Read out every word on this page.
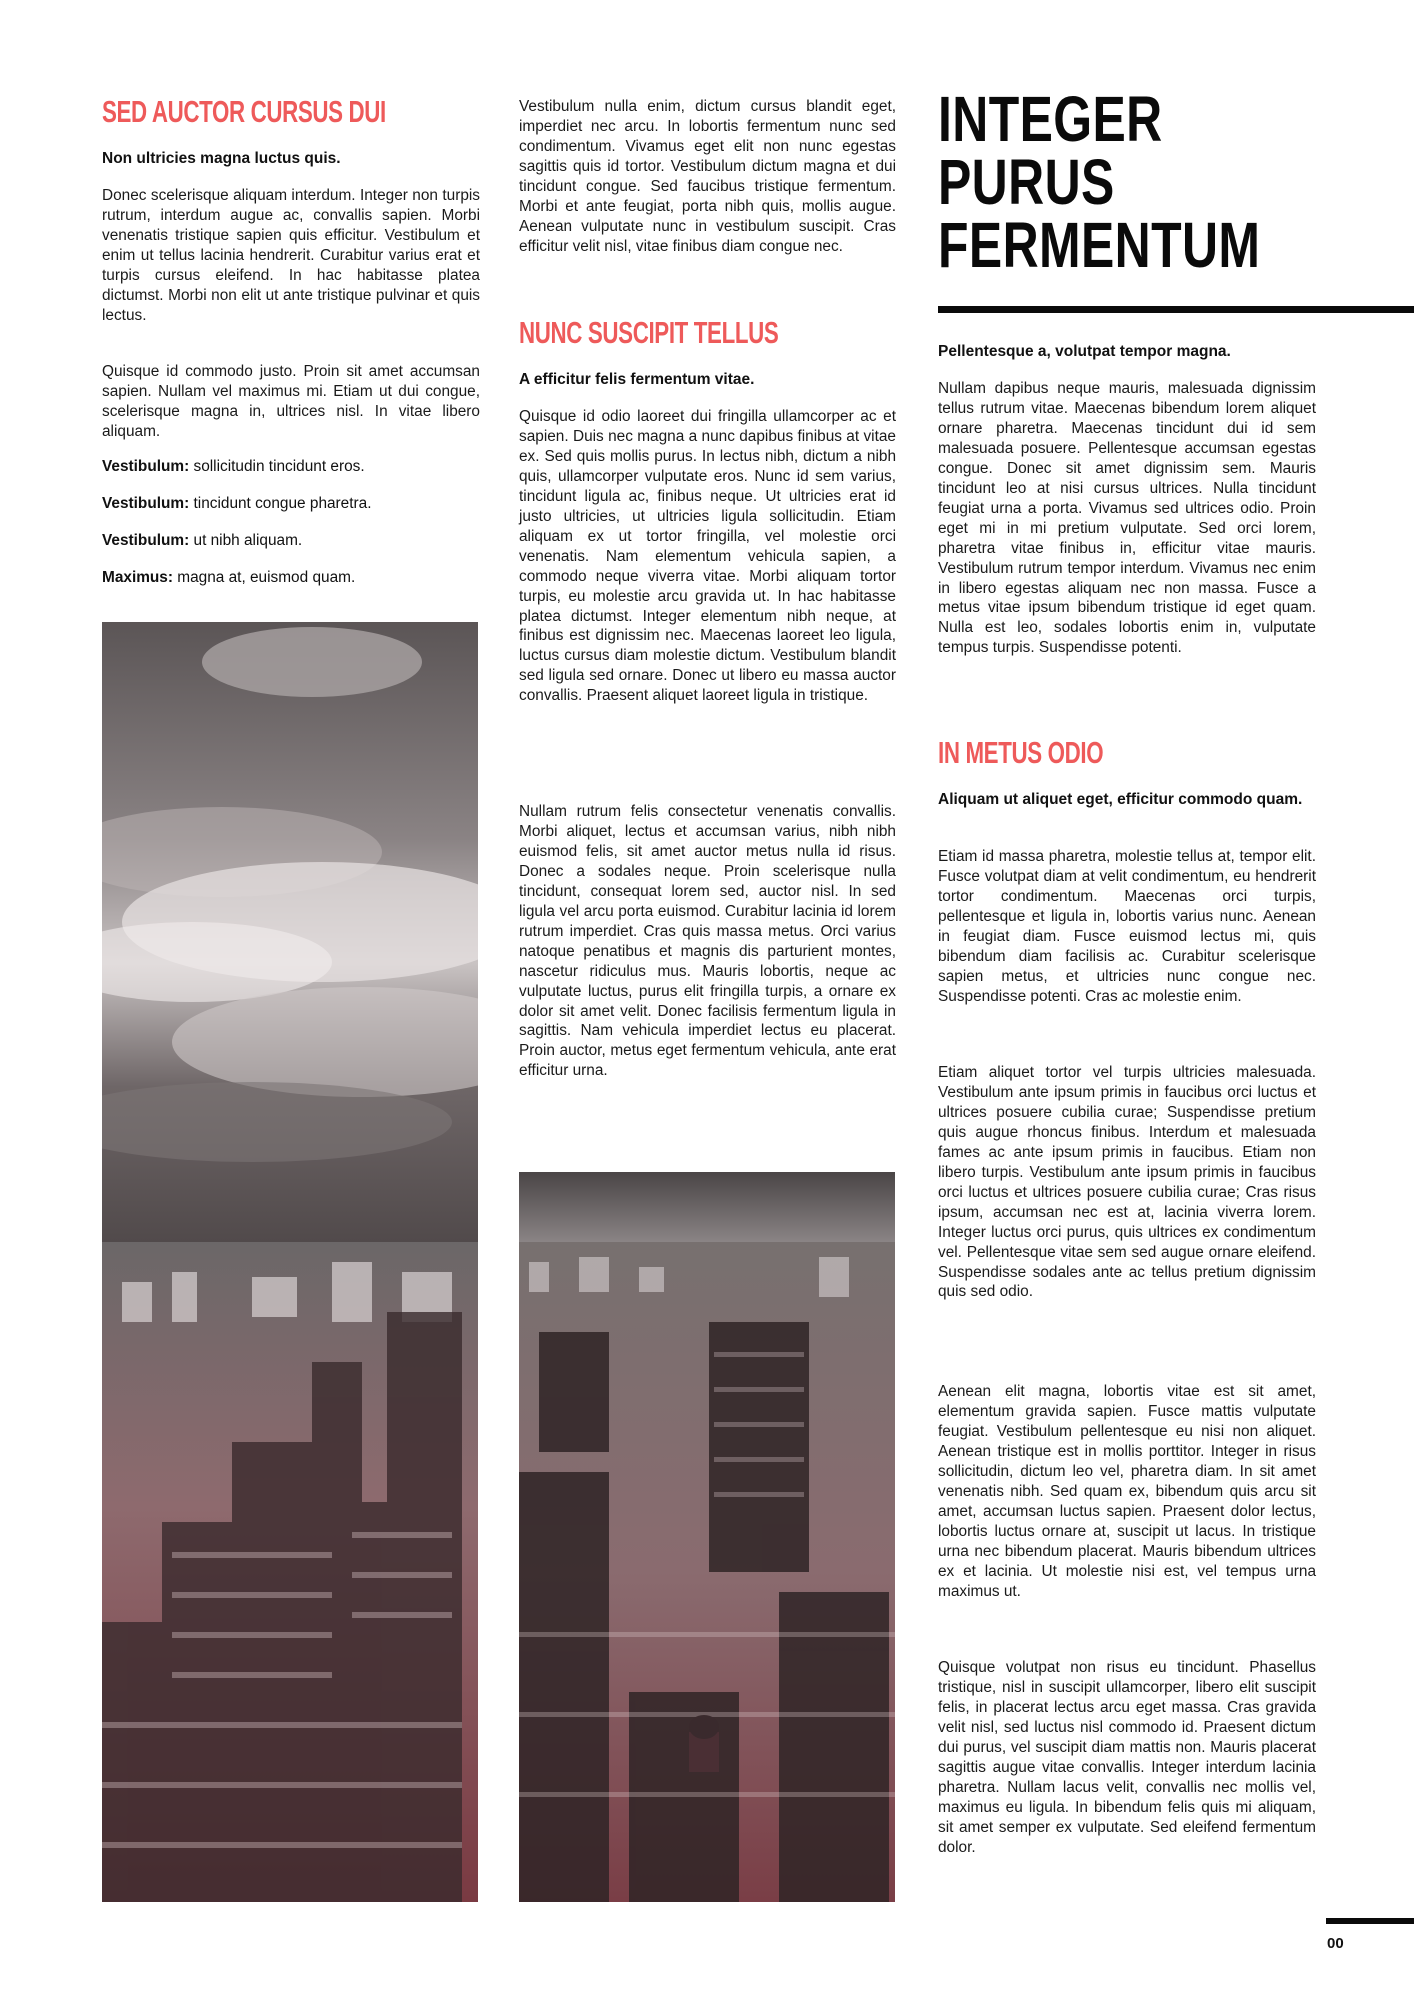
SED AUCTOR CURSUS DUI

Non ultricies magna luctus quis.

Donec scelerisque aliquam interdum. Integer non turpis rutrum, interdum augue ac, convallis sapien. Morbi venenatis tristique sapien quis efficitur. Vestibulum et enim ut tellus lacinia hendrerit. Curabitur varius erat et turpis cursus eleifend. In hac habitasse platea dictumst. Morbi non elit ut ante tristique pulvinar et quis lectus.

Quisque id commodo justo. Proin sit amet accumsan sapien. Nullam vel maximus mi. Etiam ut dui congue, scelerisque magna in, ultrices nisl. In vitae libero aliquam.

Vestibulum: sollicitudin tincidunt eros.

Vestibulum: tincidunt congue pharetra.

Vestibulum: ut nibh aliquam.

Maximus: magna at, euismod quam.

Vestibulum nulla enim, dictum cursus blandit eget, imperdiet nec arcu. In lobortis fermentum nunc sed condimentum. Vivamus eget elit non nunc egestas sagittis quis id tortor. Vestibulum dictum magna et dui tincidunt congue. Sed faucibus tristique fermentum. Morbi et ante feugiat, porta nibh quis, mollis augue. Aenean vulputate nunc in vestibulum suscipit. Cras efficitur velit nisl, vitae finibus diam congue nec.

NUNC SUSCIPIT TELLUS

A efficitur felis fermentum vitae.

Quisque id odio laoreet dui fringilla ullamcorper ac et sapien. Duis nec magna a nunc dapibus finibus at vitae ex. Sed quis mollis purus. In lectus nibh, dictum a nibh quis, ullamcorper vulputate eros. Nunc id sem varius, tincidunt ligula ac, finibus neque. Ut ultricies erat id justo ultricies, ut ultricies ligula sollicitudin. Etiam aliquam ex ut tortor fringilla, vel molestie orci venenatis. Nam elementum vehicula sapien, a commodo neque viverra vitae. Morbi aliquam tortor turpis, eu molestie arcu gravida ut. In hac habitasse platea dictumst. Integer elementum nibh neque, at finibus est dignissim nec. Maecenas laoreet leo ligula, luctus cursus diam molestie dictum. Vestibulum blandit sed ligula sed ornare. Donec ut libero eu massa auctor convallis. Praesent aliquet laoreet ligula in tristique.

Nullam rutrum felis consectetur venenatis convallis. Morbi aliquet, lectus et accumsan varius, nibh nibh euismod felis, sit amet auctor metus nulla id risus. Donec a sodales neque. Proin scelerisque nulla tincidunt, consequat lorem sed, auctor nisl. In sed ligula vel arcu porta euismod. Curabitur lacinia id lorem rutrum imperdiet. Cras quis massa metus. Orci varius natoque penatibus et magnis dis parturient montes, nascetur ridiculus mus. Mauris lobortis, neque ac vulputate luctus, purus elit fringilla turpis, a ornare ex dolor sit amet velit. Donec facilisis fermentum ligula in sagittis. Nam vehicula imperdiet lectus eu placerat. Proin auctor, metus eget fermentum vehicula, ante erat efficitur urna.

INTEGER
PURUS
FERMENTUM

Pellentesque a, volutpat tempor magna.

Nullam dapibus neque mauris, malesuada dignissim tellus rutrum vitae. Maecenas bibendum lorem aliquet ornare pharetra. Maecenas tincidunt dui id sem malesuada posuere. Pellentesque accumsan egestas congue. Donec sit amet dignissim sem. Mauris tincidunt leo at nisi cursus ultrices. Nulla tincidunt feugiat urna a porta. Vivamus sed ultrices odio. Proin eget mi in mi pretium vulputate. Sed orci lorem, pharetra vitae finibus in, efficitur vitae mauris. Vestibulum rutrum tempor interdum. Vivamus nec enim in libero egestas aliquam nec non massa. Fusce a metus vitae ipsum bibendum tristique id eget quam. Nulla est leo, sodales lobortis enim in, vulputate tempus turpis. Suspendisse potenti.

IN METUS ODIO

Aliquam ut aliquet eget, efficitur commodo quam.

Etiam id massa pharetra, molestie tellus at, tempor elit. Fusce volutpat diam at velit condimentum, eu hendrerit tortor condimentum. Maecenas orci turpis, pellentesque et ligula in, lobortis varius nunc. Aenean in feugiat diam. Fusce euismod lectus mi, quis bibendum diam facilisis ac. Curabitur scelerisque sapien metus, et ultricies nunc congue nec. Suspendisse potenti. Cras ac molestie enim.

Etiam aliquet tortor vel turpis ultricies malesuada. Vestibulum ante ipsum primis in faucibus orci luctus et ultrices posuere cubilia curae; Suspendisse pretium quis augue rhoncus finibus. Interdum et malesuada fames ac ante ipsum primis in faucibus. Etiam non libero turpis. Vestibulum ante ipsum primis in faucibus orci luctus et ultrices posuere cubilia curae; Cras risus ipsum, accumsan nec est at, lacinia viverra lorem. Integer luctus orci purus, quis ultrices ex condimentum vel. Pellentesque vitae sem sed augue ornare eleifend. Suspendisse sodales ante ac tellus pretium dignissim quis sed odio.

Aenean elit magna, lobortis vitae est sit amet, elementum gravida sapien. Fusce mattis vulputate feugiat. Vestibulum pellentesque eu nisi non aliquet. Aenean tristique est in mollis porttitor. Integer in risus sollicitudin, dictum leo vel, pharetra diam. In sit amet venenatis nibh. Sed quam ex, bibendum quis arcu sit amet, accumsan luctus sapien. Praesent dolor lectus, lobortis luctus ornare at, suscipit ut lacus. In tristique urna nec bibendum placerat. Mauris bibendum ultrices ex et lacinia. Ut molestie nisi est, vel tempus urna maximus ut.

Quisque volutpat non risus eu tincidunt. Phasellus tristique, nisl in suscipit ullamcorper, libero elit suscipit felis, in placerat lectus arcu eget massa. Cras gravida velit nisl, sed luctus nisl commodo id. Praesent dictum dui purus, vel suscipit diam mattis non. Mauris placerat sagittis augue vitae convallis. Integer interdum lacinia pharetra. Nullam lacus velit, convallis nec mollis vel, maximus eu ligula. In bibendum felis quis mi aliquam, sit amet semper ex vulputate. Sed eleifend fermentum dolor.

00
